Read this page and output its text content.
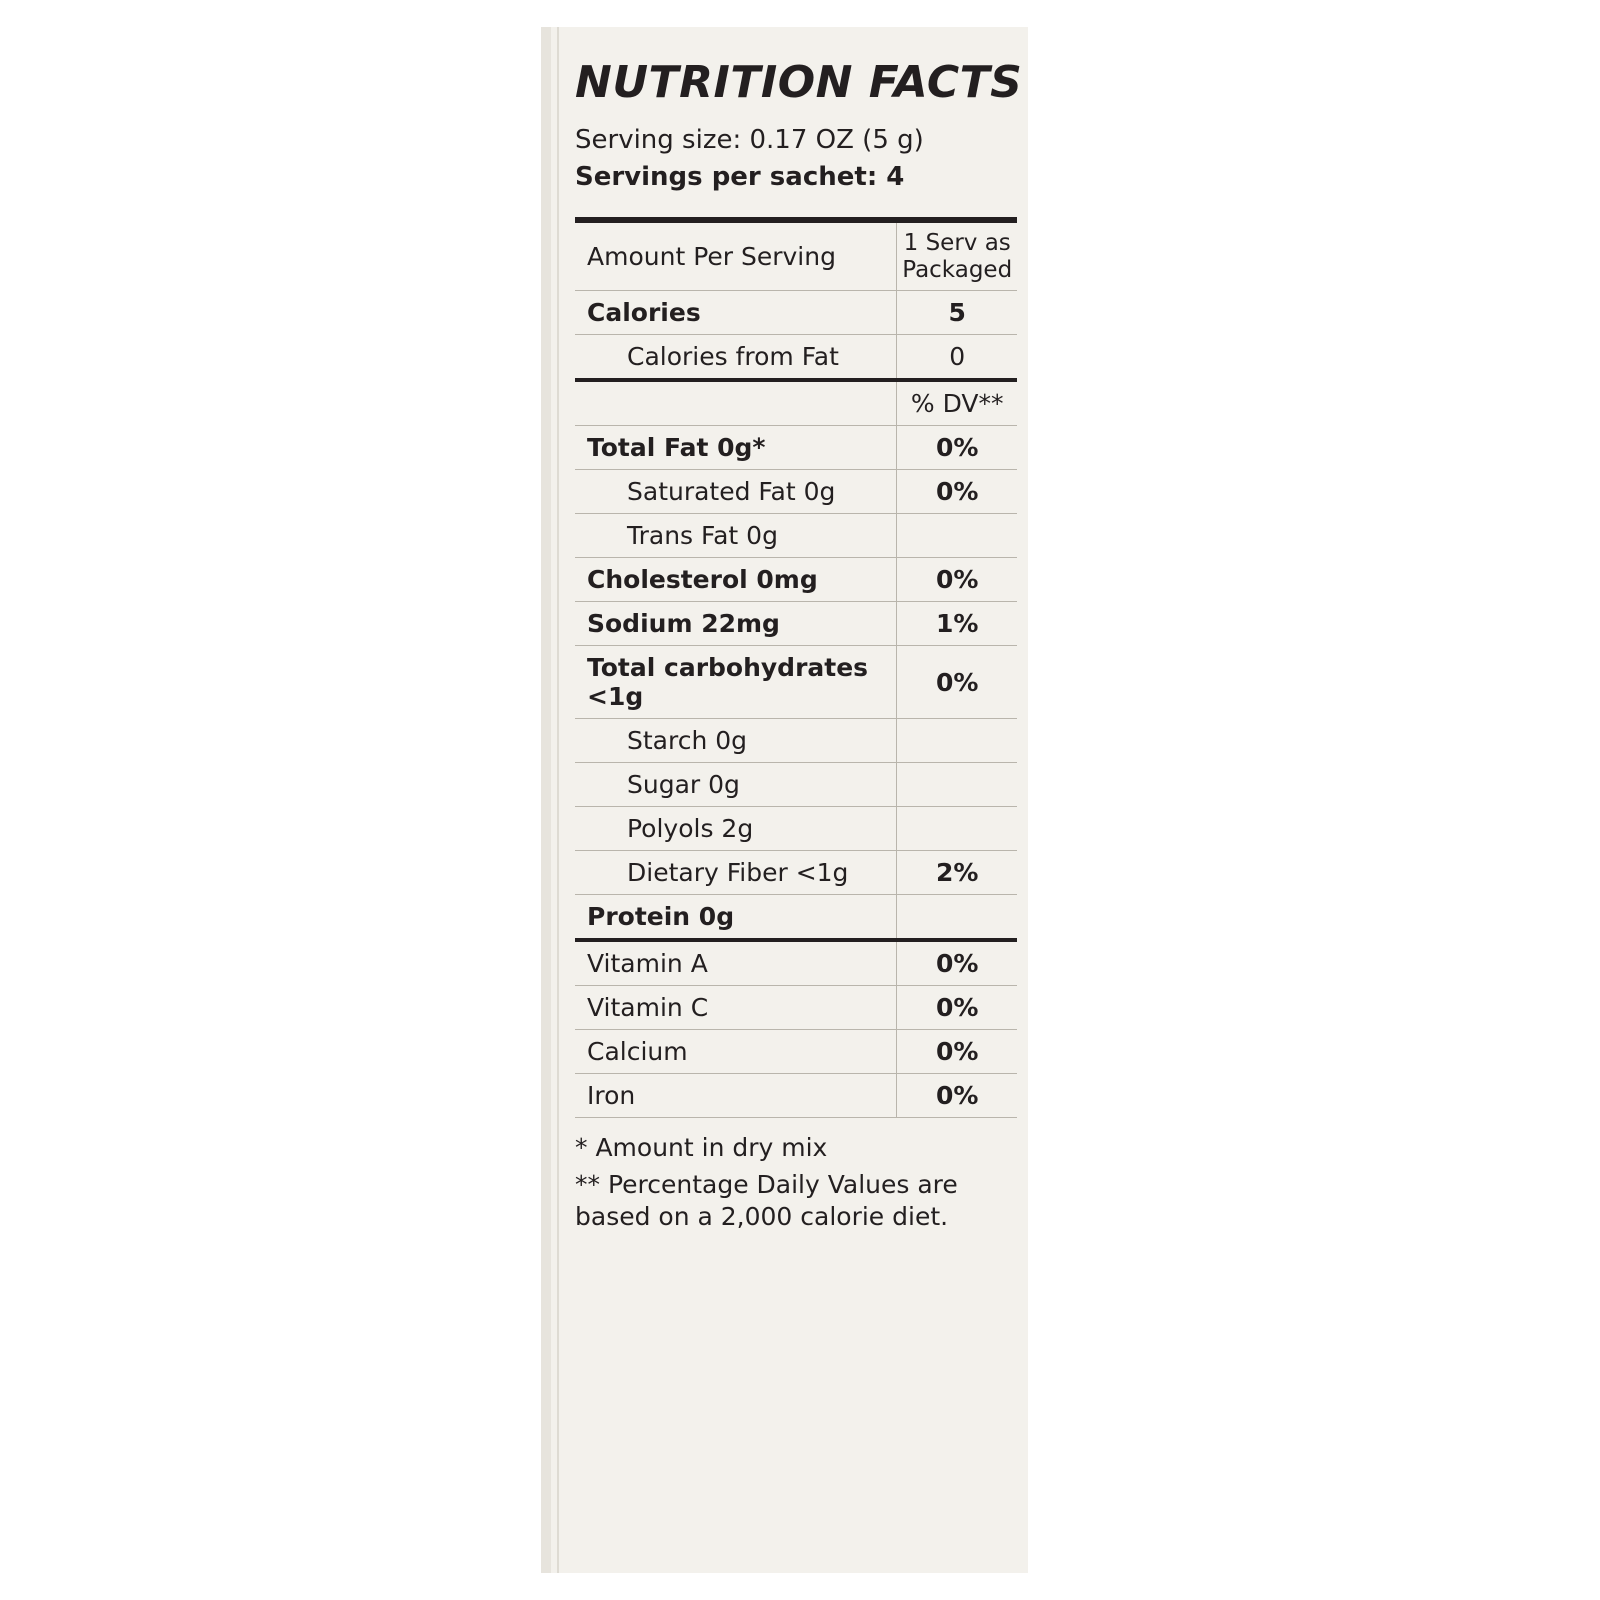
NUTRITION FACTS

Serving size: 0.17 OZ (5 g)

Servings per sachet: 4

Amount Per Serving	1 Serv as Packaged
Calories	5
Calories from Fat	0
	% DV**
Total Fat 0g*	0%
Saturated Fat 0g	0%
Trans Fat 0g	
Cholesterol 0mg	0%
Sodium 22mg	1%
Total carbohydrates <1g	0%
Starch 0g	
Sugar 0g	
Polyols 2g	
Dietary Fiber <1g	2%
Protein 0g	
Vitamin A	0%
Vitamin C	0%
Calcium	0%
Iron	0%

* Amount in dry mix

** Percentage Daily Values are based on a 2,000 calorie diet.
